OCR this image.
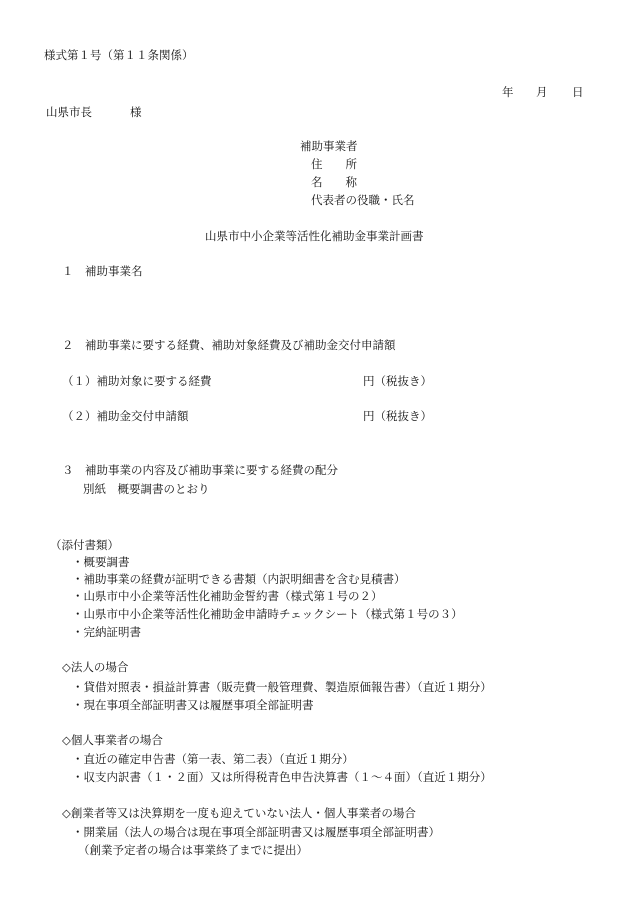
様式第１号（第１１条関係）
年 月 日
山県市長	様
補助事業者
住　　所
名　　称
代表者の役職・氏名
山県市中小企業等活性化補助金事業計画書
１　補助事業名
２　補助事業に要する経費、補助対象経費及び補助金交付申請額
（１）補助対象に要する経費	円（税抜き）
（２）補助金交付申請額	円（税抜き）
３　補助事業の内容及び補助事業に要する経費の配分
別紙　概要調書のとおり
（添付書類）
・概要調書
・補助事業の経費が証明できる書類（内訳明細書を含む見積書）
・山県市中小企業等活性化補助金誓約書（様式第１号の２）
・山県市中小企業等活性化補助金申請時チェックシート（様式第１号の３）
・完納証明書
◇法人の場合
・貸借対照表・損益計算書（販売費一般管理費、製造原価報告書）（直近１期分）
・現在事項全部証明書又は履歴事項全部証明書
◇個人事業者の場合
・直近の確定申告書（第一表、第二表）（直近１期分）
・収支内訳書（１・２面）又は所得税青色申告決算書（１～４面）（直近１期分）
◇創業者等又は決算期を一度も迎えていない法人・個人事業者の場合
・開業届（法人の場合は現在事項全部証明書又は履歴事項全部証明書）
（創業予定者の場合は事業終了までに提出）
